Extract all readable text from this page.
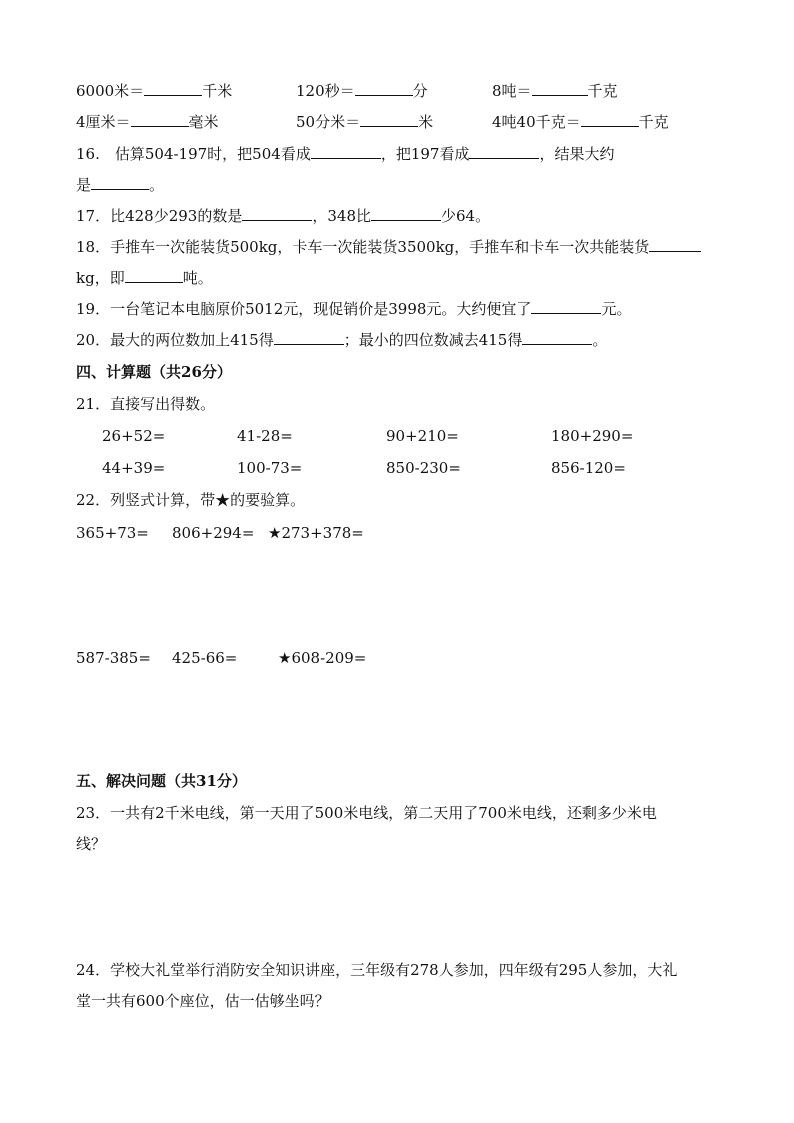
6000米＝	千米	120秒＝	分	8吨＝	千克
4厘米＝	毫米	50分米＝	米	4吨40千克＝	千克
16.　估算504-197时，把504看成	，把197看成	，结果大约
是	。
17．比428少293的数是	，348比	少64。
18．手推车一次能装货500kg，卡车一次能装货3500kg，手推车和卡车一次共能装货
kg，即	吨。
19．一台笔记本电脑原价5012元，现促销价是3998元。大约便宜了	元。
20．最大的两位数加上415得	；最小的四位数减去415得	。
四、计算题（共26分）
21．直接写出得数。
26+52=	41-28=	90+210=	180+290=
44+39=	100-73=	850-230=	856-120=
22．列竖式计算，带★的要验算。
365+73= 806+294= ★273+378=
587-385= 425-66=	★608-209=
五、解决问题（共31分）
23．一共有2千米电线，第一天用了500米电线，第二天用了700米电线，还剩多少米电
线？
24．学校大礼堂举行消防安全知识讲座，三年级有278人参加，四年级有295人参加，大礼
堂一共有600个座位，估一估够坐吗？
